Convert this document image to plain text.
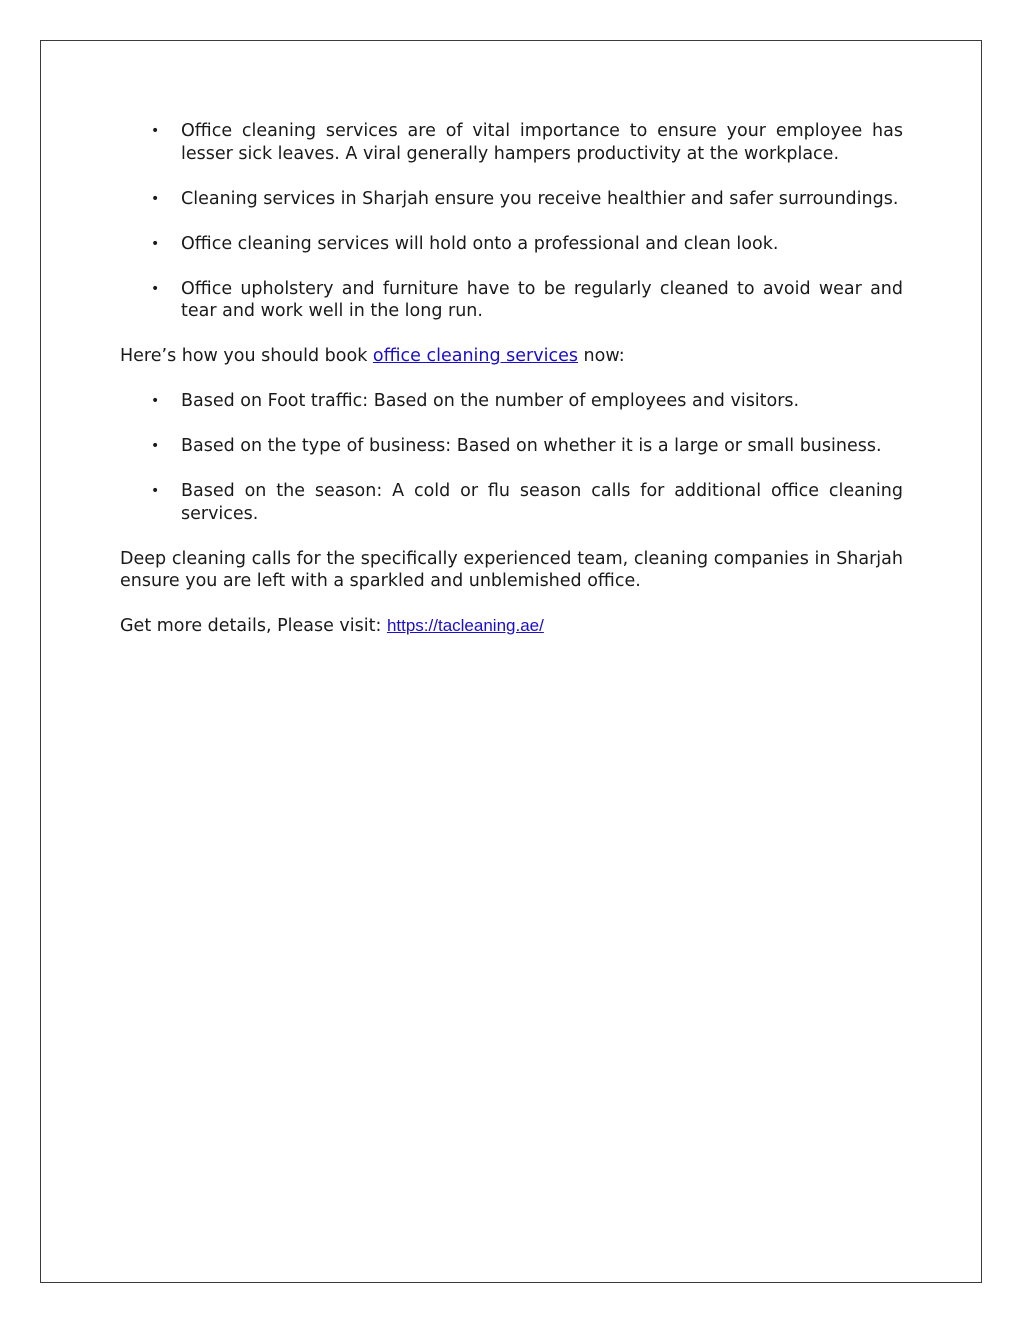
• Office cleaning services are of vital importance to ensure your employee has lesser sick leaves. A viral generally hampers productivity at the workplace.
• Cleaning services in Sharjah ensure you receive healthier and safer surroundings.
• Office cleaning services will hold onto a professional and clean look.
• Office upholstery and furniture have to be regularly cleaned to avoid wear and tear and work well in the long run.

Here’s how you should book office cleaning services now:

• Based on Foot traffic: Based on the number of employees and visitors.
• Based on the type of business: Based on whether it is a large or small business.
• Based on the season: A cold or flu season calls for additional office cleaning services.

Deep cleaning calls for the specifically experienced team, cleaning companies in Sharjah ensure you are left with a sparkled and unblemished office.

Get more details, Please visit: https://tacleaning.ae/
